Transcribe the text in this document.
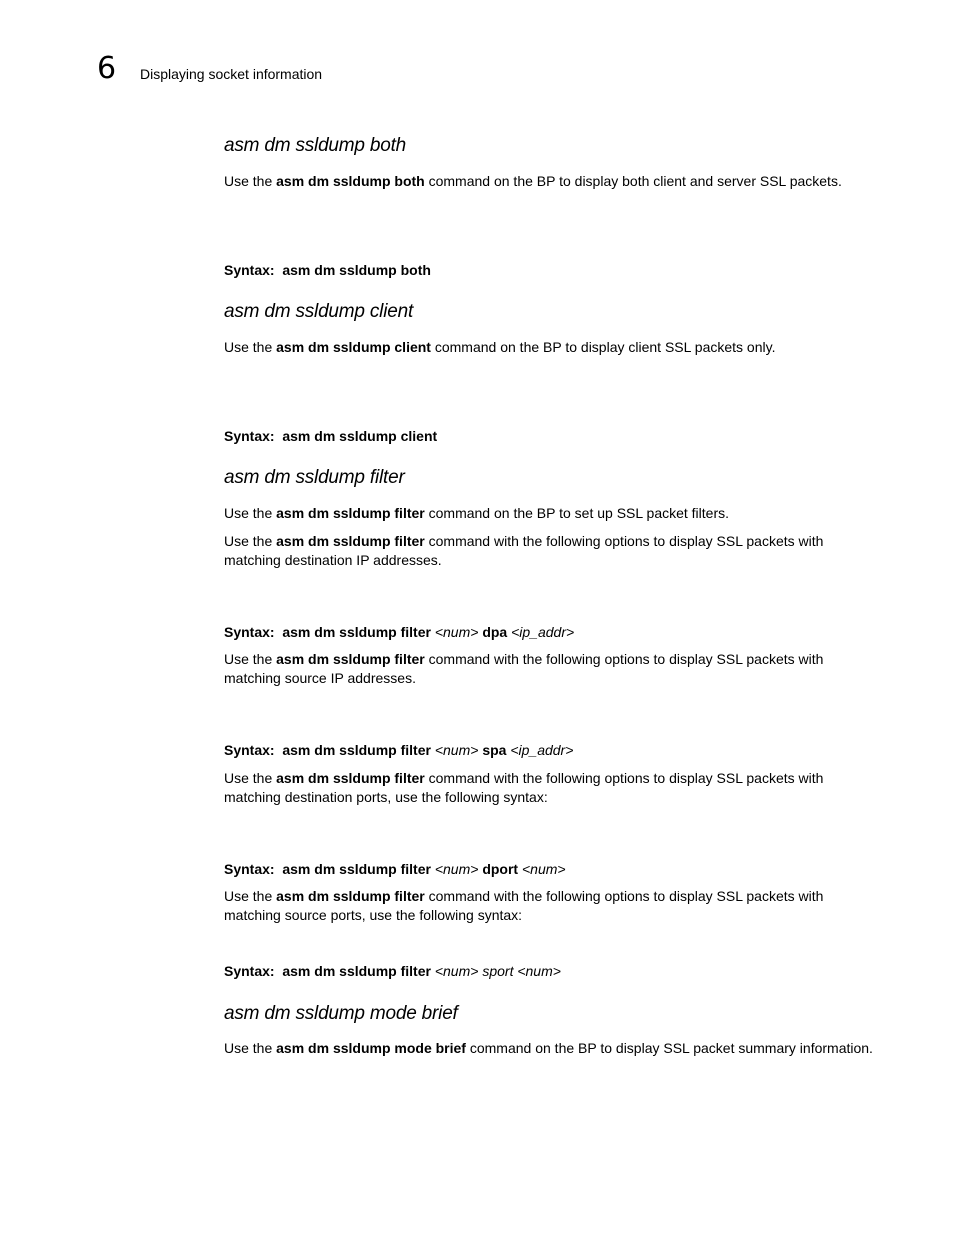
6 Displaying socket information
asm dm ssldump both
Use the asm dm ssldump both command on the BP to display both client and server SSL packets.
Syntax: asm dm ssldump both
asm dm ssldump client
Use the asm dm ssldump client command on the BP to display client SSL packets only.
Syntax: asm dm ssldump client
asm dm ssldump filter
Use the asm dm ssldump filter command on the BP to set up SSL packet filters.
Use the asm dm ssldump filter command with the following options to display SSL packets with matching destination IP addresses.
Syntax: asm dm ssldump filter <num> dpa <ip_addr>
Use the asm dm ssldump filter command with the following options to display SSL packets with matching source IP addresses.
Syntax: asm dm ssldump filter <num> spa <ip_addr>
Use the asm dm ssldump filter command with the following options to display SSL packets with matching destination ports, use the following syntax:
Syntax: asm dm ssldump filter <num> dport <num>
Use the asm dm ssldump filter command with the following options to display SSL packets with matching source ports, use the following syntax:
Syntax: asm dm ssldump filter <num> sport <num>
asm dm ssldump mode brief
Use the asm dm ssldump mode brief command on the BP to display SSL packet summary information.
